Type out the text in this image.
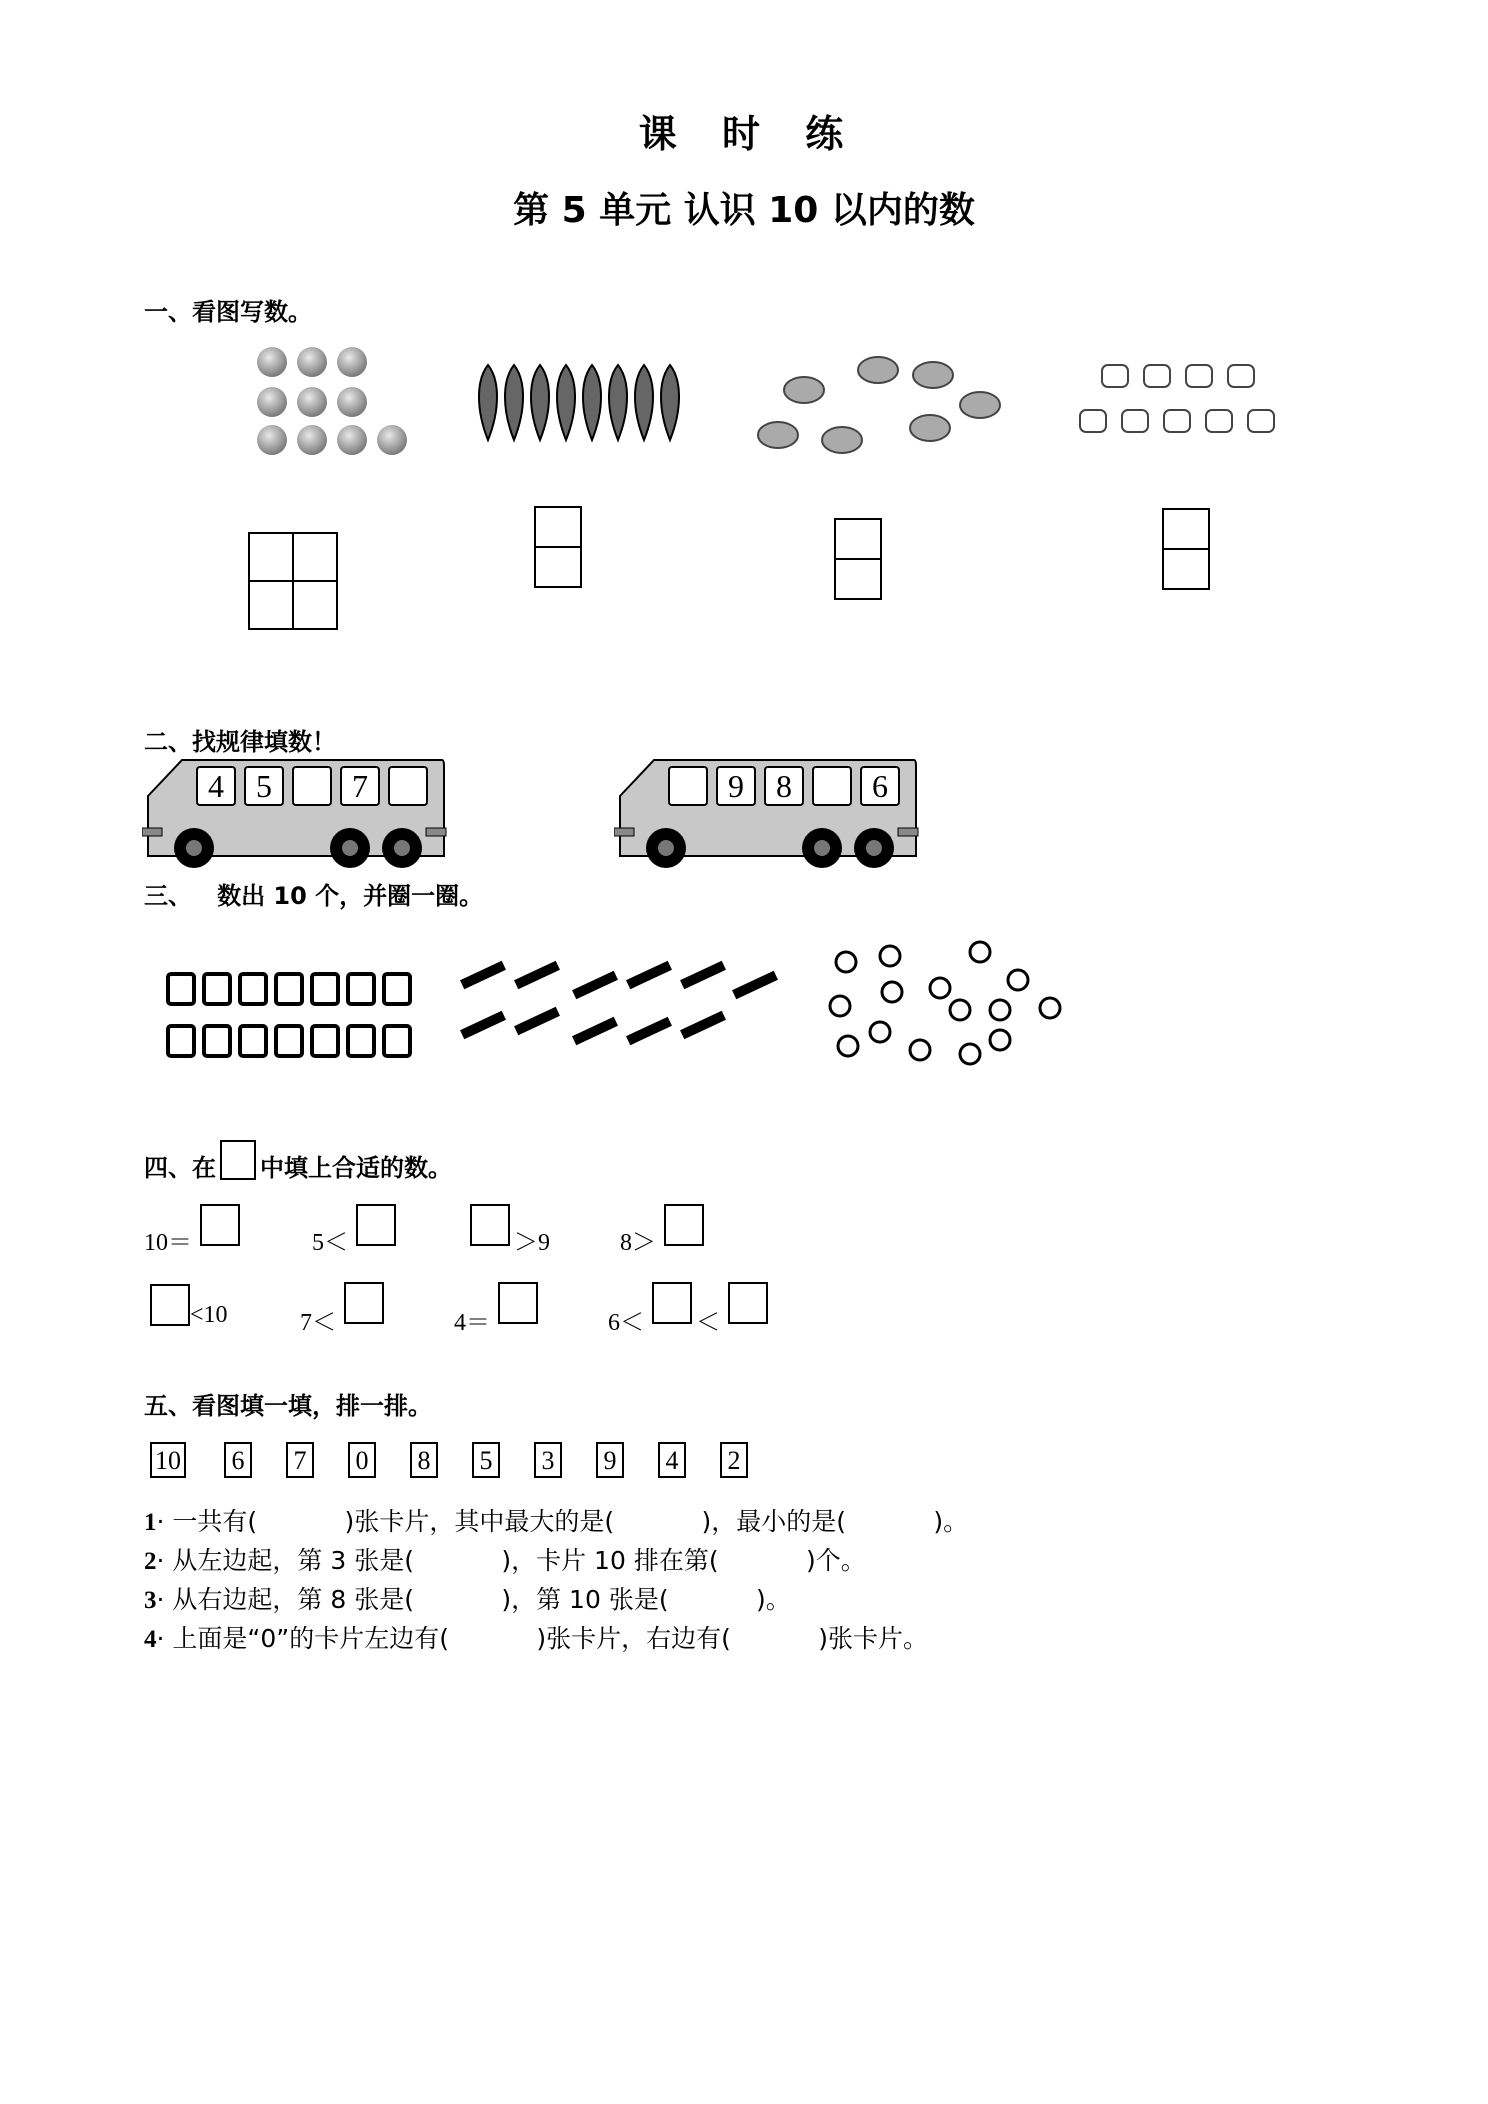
课 时 练
第 5 单元 认识 10 以内的数
一、看图写数。
二、找规律填数！
4	5	7	9	8	6
三、   数出 10 个，并圈一圈。
四、在 中填上合适的数。
10＝	5＜	＞9	8＞
<10	7＜	4＝	6＜ ＜
五、看图填一填，排一排。
10 6 7 0 8 5 3 9 4 2
1· 一共有(           )张卡片，其中最大的是(           )，最小的是(           )。
2· 从左边起，第 3 张是(           )，卡片 10 排在第(           )个。
3· 从右边起，第 8 张是(           )，第 10 张是(           )。
4· 上面是“0”的卡片左边有(           )张卡片，右边有(           )张卡片。
